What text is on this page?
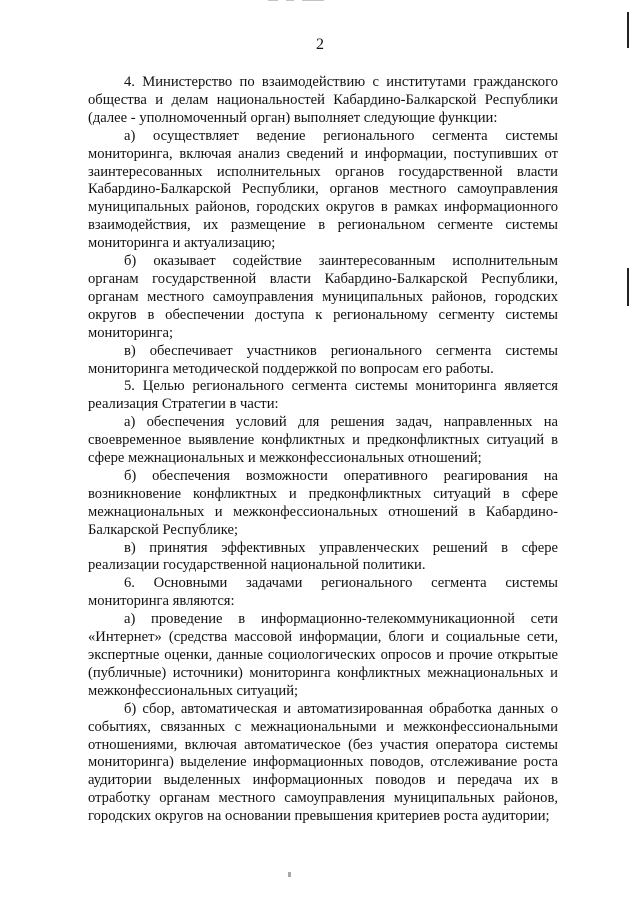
2

4. Министерство по взаимодействию с институтами гражданского общества и делам национальностей Кабардино-Балкарской Республики (далее - уполномоченный орган) выполняет следующие функции:

а) осуществляет ведение регионального сегмента системы мониторинга, включая анализ сведений и информации, поступивших от заинтересованных исполнительных органов государственной власти Кабардино-Балкарской Республики, органов местного самоуправления муниципальных районов, городских округов в рамках информационного взаимодействия, их размещение в региональном сегменте системы мониторинга и актуализацию;

б) оказывает содействие заинтересованным исполнительным органам государственной власти Кабардино-Балкарской Республики, органам местного самоуправления муниципальных районов, городских округов в обеспечении доступа к региональному сегменту системы мониторинга;

в) обеспечивает участников регионального сегмента системы мониторинга методической поддержкой по вопросам его работы.

5. Целью регионального сегмента системы мониторинга является реализация Стратегии в части:

а) обеспечения условий для решения задач, направленных на своевременное выявление конфликтных и предконфликтных ситуаций в сфере межнациональных и межконфессиональных отношений;

б) обеспечения возможности оперативного реагирования на возникновение конфликтных и предконфликтных ситуаций в сфере межнациональных и межконфессиональных отношений в Кабардино-Балкарской Республике;

в) принятия эффективных управленческих решений в сфере реализации государственной национальной политики.

6. Основными задачами регионального сегмента системы мониторинга являются:

а) проведение в информационно-телекоммуникационной сети «Интернет» (средства массовой информации, блоги и социальные сети, экспертные оценки, данные социологических опросов и прочие открытые (публичные) источники) мониторинга конфликтных межнациональных и межконфессиональных ситуаций;

б) сбор, автоматическая и автоматизированная обработка данных о событиях, связанных с межнациональными и межконфессиональными отношениями, включая автоматическое (без участия оператора системы мониторинга) выделение информационных поводов, отслеживание роста аудитории выделенных информационных поводов и передача их в отработку органам местного самоуправления муниципальных районов, городских округов на основании превышения критериев роста аудитории;
